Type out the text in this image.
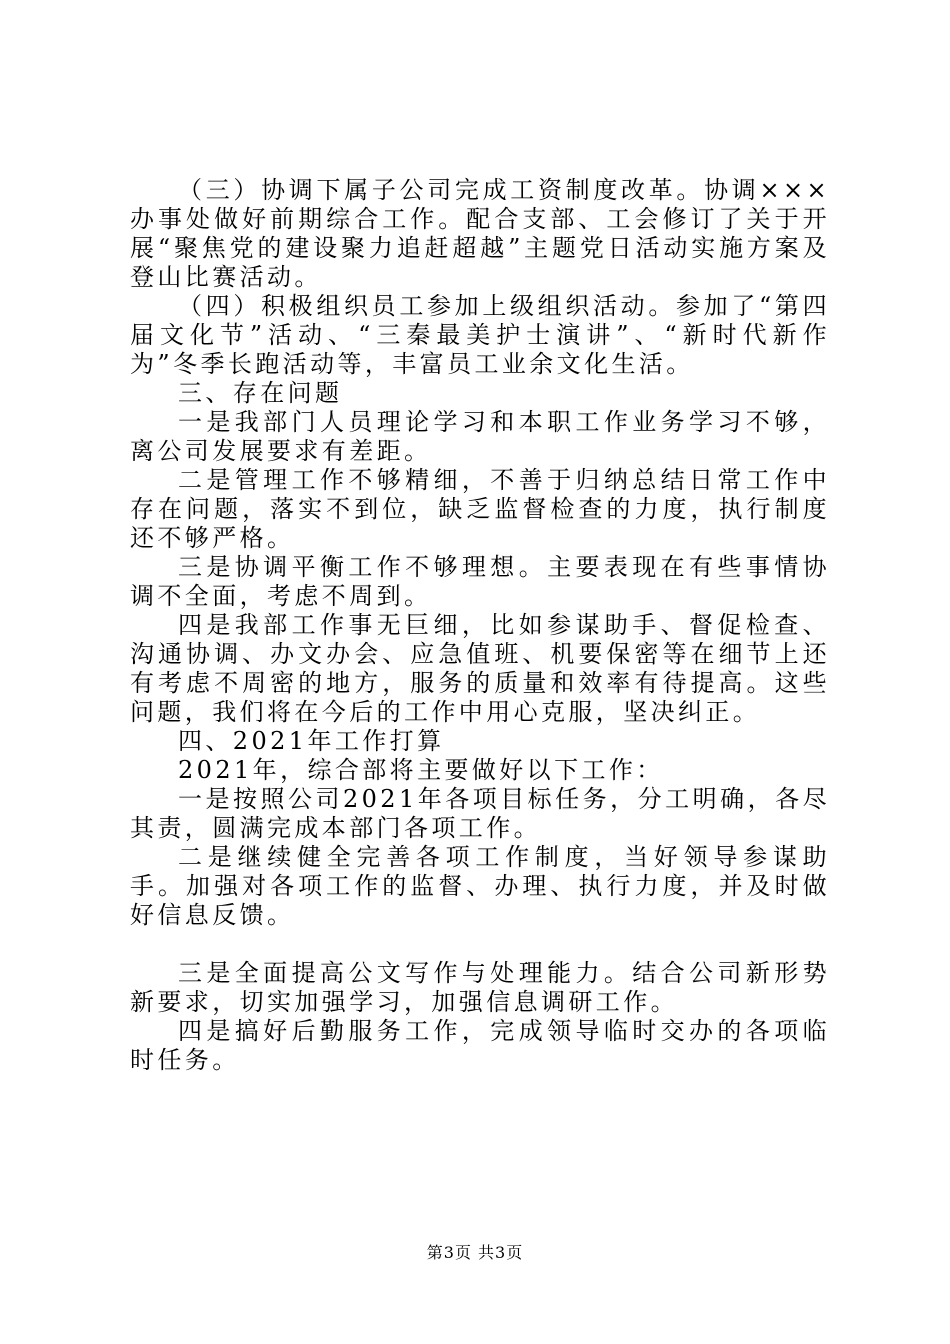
（三）协调下属子公司完成工资制度改革。协调×××办事处做好前期综合工作。配合支部、工会修订了关于开展“聚焦党的建设聚力追赶超越”主题党日活动实施方案及登山比赛活动。

（四）积极组织员工参加上级组织活动。参加了“第四届文化节”活动、“三秦最美护士演讲”、“新时代新作为”冬季长跑活动等，丰富员工业余文化生活。

三、存在问题

一是我部门人员理论学习和本职工作业务学习不够，离公司发展要求有差距。

二是管理工作不够精细，不善于归纳总结日常工作中存在问题，落实不到位，缺乏监督检查的力度，执行制度还不够严格。

三是协调平衡工作不够理想。主要表现在有些事情协调不全面，考虑不周到。

四是我部工作事无巨细，比如参谋助手、督促检查、沟通协调、办文办会、应急值班、机要保密等在细节上还有考虑不周密的地方，服务的质量和效率有待提高。这些问题，我们将在今后的工作中用心克服，坚决纠正。

四、2021年工作打算

2021年，综合部将主要做好以下工作：

一是按照公司2021年各项目标任务，分工明确，各尽其责，圆满完成本部门各项工作。

二是继续健全完善各项工作制度，当好领导参谋助手。加强对各项工作的监督、办理、执行力度，并及时做好信息反馈。

三是全面提高公文写作与处理能力。结合公司新形势新要求，切实加强学习，加强信息调研工作。

四是搞好后勤服务工作，完成领导临时交办的各项临时任务。

第3页 共3页
